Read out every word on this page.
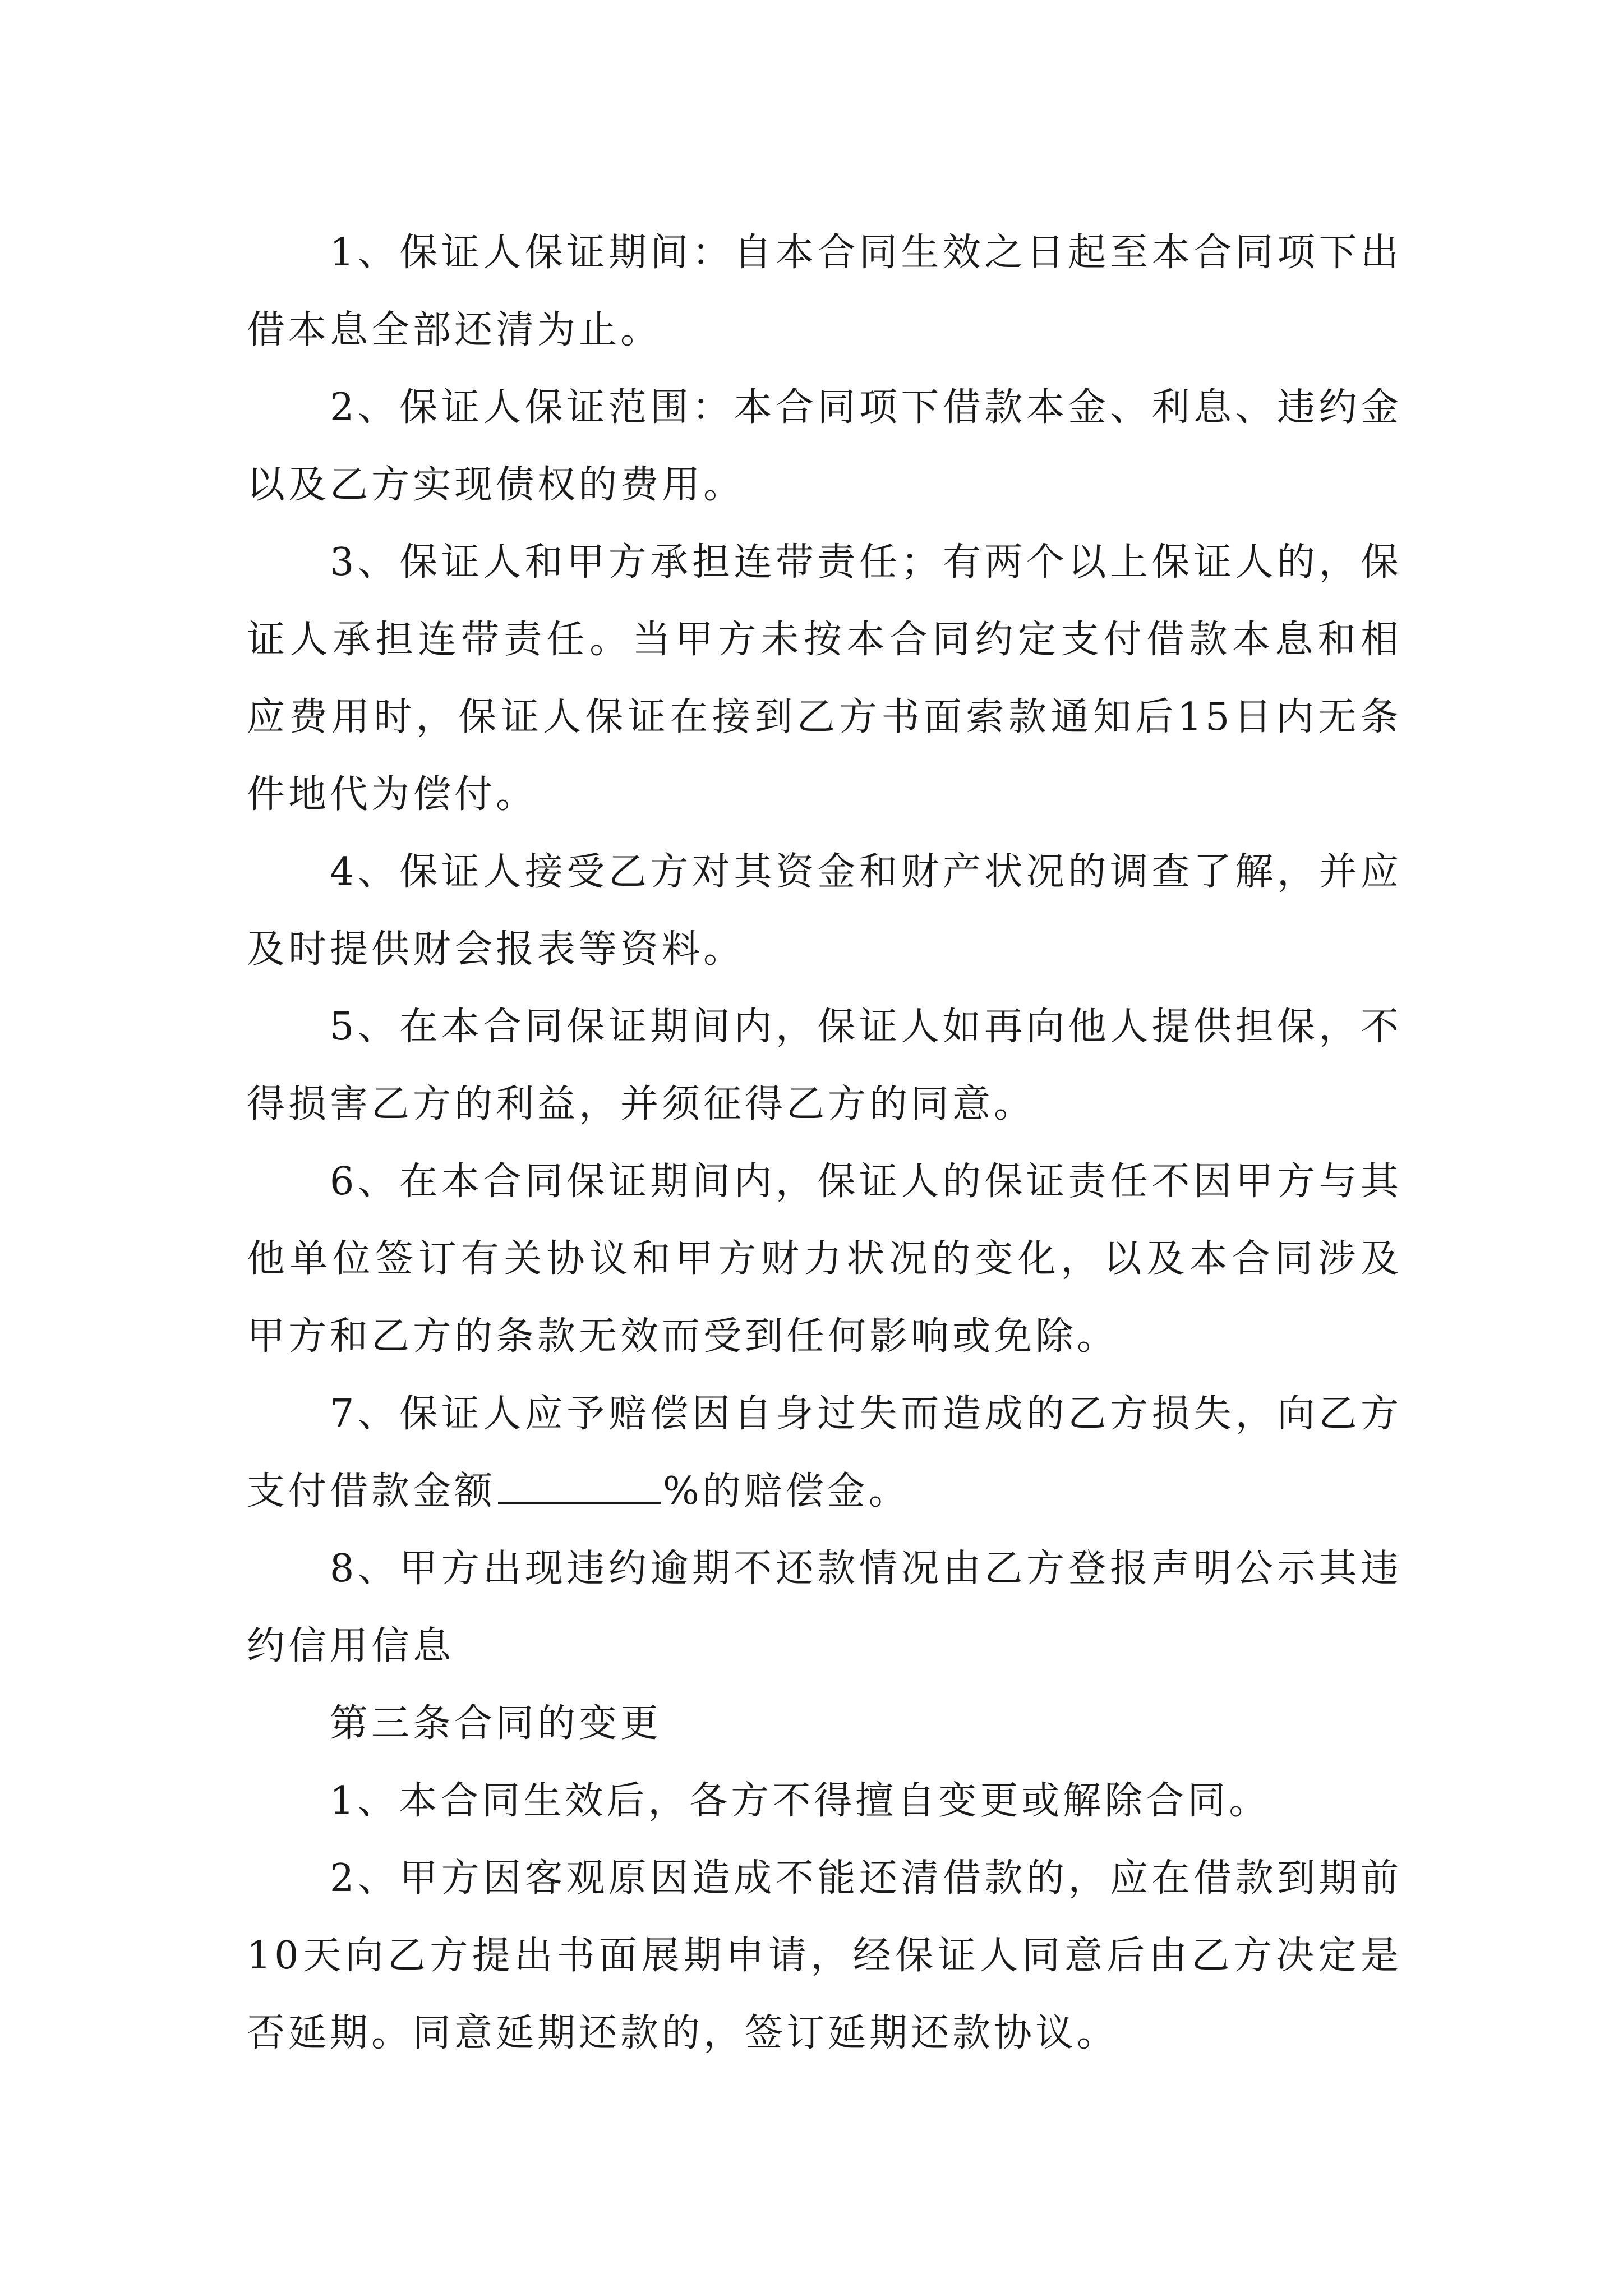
1、保证人保证期间：自本合同生效之日起至本合同项下出借本息全部还清为止。

2、保证人保证范围：本合同项下借款本金、利息、违约金以及乙方实现债权的费用。

3、保证人和甲方承担连带责任；有两个以上保证人的，保证人承担连带责任。当甲方未按本合同约定支付借款本息和相应费用时，保证人保证在接到乙方书面索款通知后15日内无条件地代为偿付。

4、保证人接受乙方对其资金和财产状况的调查了解，并应及时提供财会报表等资料。

5、在本合同保证期间内，保证人如再向他人提供担保，不得损害乙方的利益，并须征得乙方的同意。

6、在本合同保证期间内，保证人的保证责任不因甲方与其他单位签订有关协议和甲方财力状况的变化，以及本合同涉及甲方和乙方的条款无效而受到任何影响或免除。

7、保证人应予赔偿因自身过失而造成的乙方损失，向乙方支付借款金额	%的赔偿金。

8、甲方出现违约逾期不还款情况由乙方登报声明公示其违约信用信息

第三条合同的变更

1、本合同生效后，各方不得擅自变更或解除合同。

2、甲方因客观原因造成不能还清借款的，应在借款到期前10天向乙方提出书面展期申请，经保证人同意后由乙方决定是否延期。同意延期还款的，签订延期还款协议。
